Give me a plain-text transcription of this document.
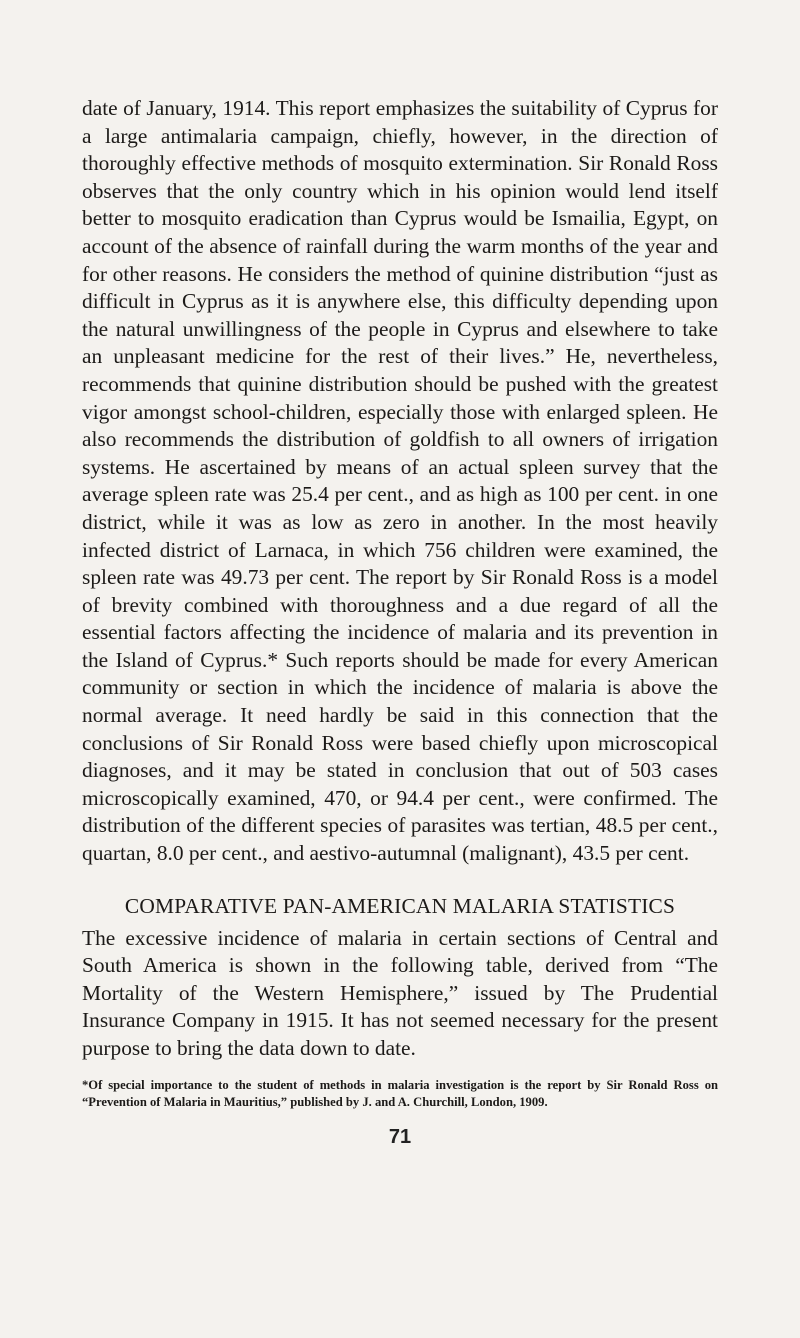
date of January, 1914. This report emphasizes the suitability of Cyprus for a large antimalaria campaign, chiefly, however, in the direction of thoroughly effective methods of mosquito extermination. Sir Ronald Ross observes that the only country which in his opinion would lend itself better to mosquito eradication than Cyprus would be Ismailia, Egypt, on account of the absence of rainfall during the warm months of the year and for other reasons. He considers the method of quinine distribution “just as difficult in Cyprus as it is anywhere else, this difficulty depending upon the natural unwillingness of the people in Cyprus and elsewhere to take an unpleasant medicine for the rest of their lives.” He, nevertheless, recommends that quinine distribution should be pushed with the greatest vigor amongst school-children, especially those with enlarged spleen. He also recommends the distribution of goldfish to all owners of irrigation systems. He ascertained by means of an actual spleen survey that the average spleen rate was 25.4 per cent., and as high as 100 per cent. in one district, while it was as low as zero in another. In the most heavily infected district of Larnaca, in which 756 children were examined, the spleen rate was 49.73 per cent. The report by Sir Ronald Ross is a model of brevity combined with thoroughness and a due regard of all the essential factors affecting the incidence of malaria and its prevention in the Island of Cyprus.* Such reports should be made for every American community or section in which the incidence of malaria is above the normal average. It need hardly be said in this connection that the conclusions of Sir Ronald Ross were based chiefly upon microscopical diagnoses, and it may be stated in conclusion that out of 503 cases microscopically examined, 470, or 94.4 per cent., were confirmed. The distribution of the different species of parasites was tertian, 48.5 per cent., quartan, 8.0 per cent., and aestivo-autumnal (malignant), 43.5 per cent.

COMPARATIVE PAN-AMERICAN MALARIA STATISTICS

The excessive incidence of malaria in certain sections of Central and South America is shown in the following table, derived from “The Mortality of the Western Hemisphere,” issued by The Prudential Insurance Company in 1915. It has not seemed necessary for the present purpose to bring the data down to date.

*Of special importance to the student of methods in malaria investigation is the report by Sir Ronald Ross on “Prevention of Malaria in Mauritius,” published by J. and A. Churchill, London, 1909.

71
